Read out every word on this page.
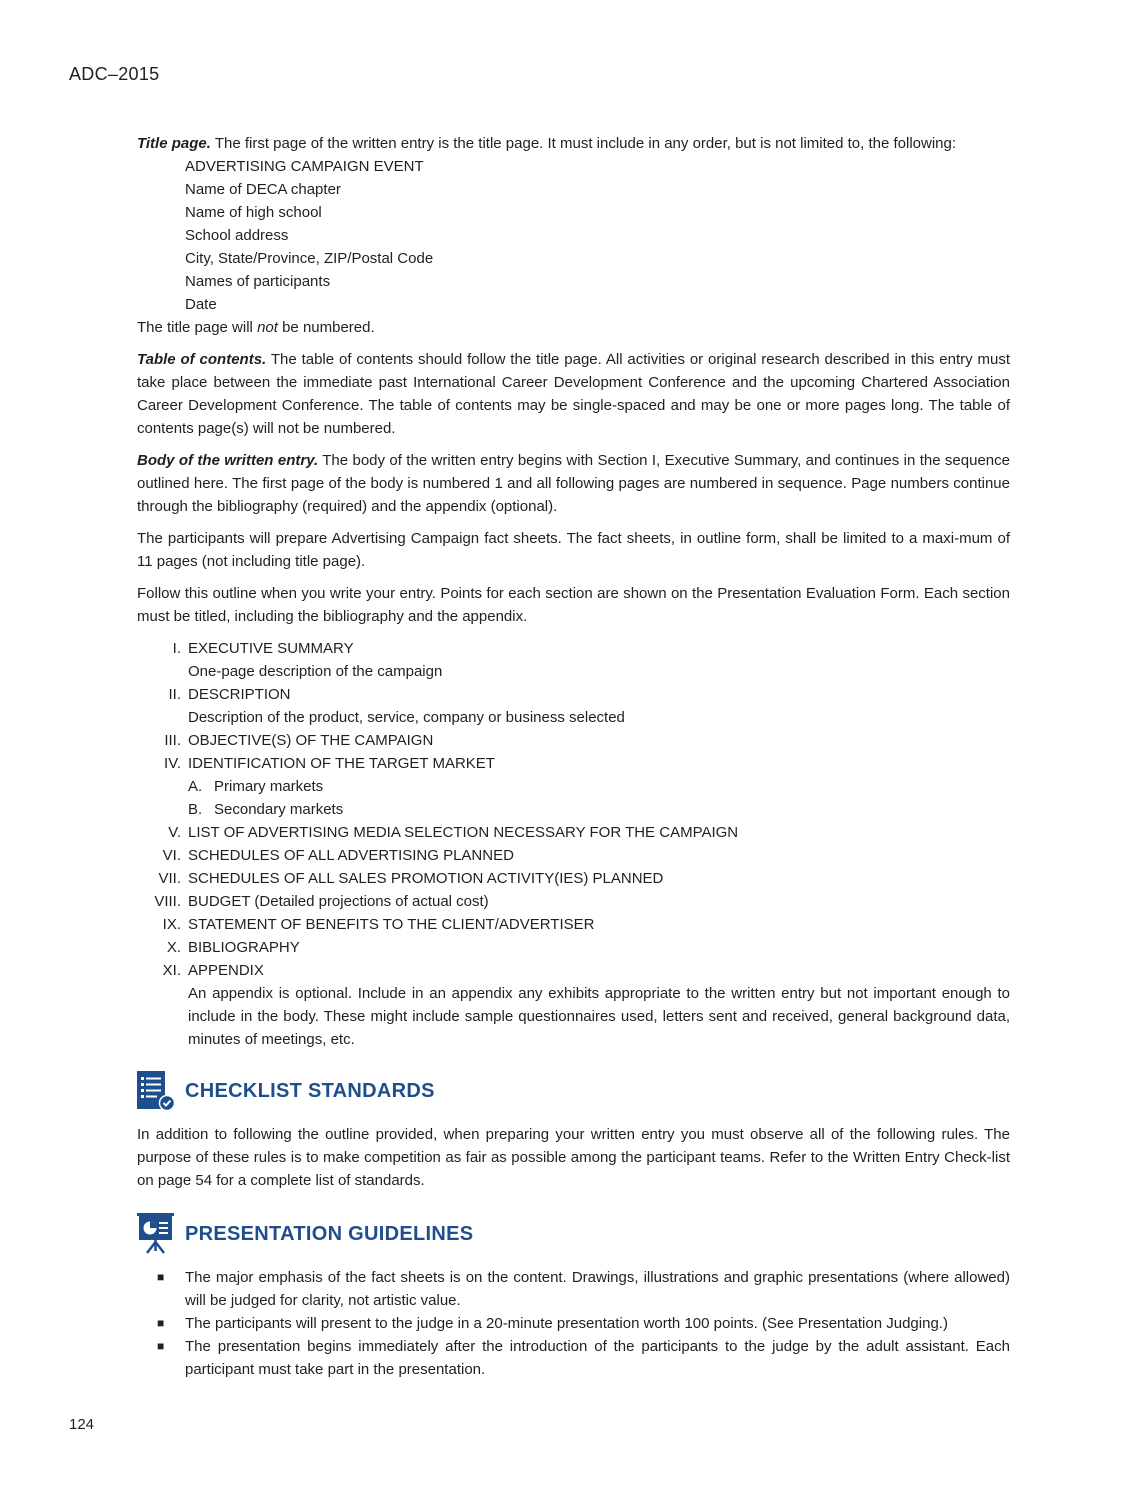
ADC–2015

Title page. The first page of the written entry is the title page. It must include in any order, but is not limited to, the following:

ADVERTISING CAMPAIGN EVENT
Name of DECA chapter
Name of high school
School address
City, State/Province, ZIP/Postal Code
Names of participants
Date

The title page will not be numbered.

Table of contents. The table of contents should follow the title page. All activities or original research described in this entry must take place between the immediate past International Career Development Conference and the upcoming Chartered Association Career Development Conference. The table of contents may be single-spaced and may be one or more pages long. The table of contents page(s) will not be numbered.

Body of the written entry. The body of the written entry begins with Section I, Executive Summary, and continues in the sequence outlined here. The first page of the body is numbered 1 and all following pages are numbered in sequence. Page numbers continue through the bibliography (required) and the appendix (optional).

The participants will prepare Advertising Campaign fact sheets. The fact sheets, in outline form, shall be limited to a maxi-mum of 11 pages (not including title page).

Follow this outline when you write your entry. Points for each section are shown on the Presentation Evaluation Form. Each section must be titled, including the bibliography and the appendix.

I. EXECUTIVE SUMMARY
One-page description of the campaign
II. DESCRIPTION
Description of the product, service, company or business selected
III. OBJECTIVE(S) OF THE CAMPAIGN
IV. IDENTIFICATION OF THE TARGET MARKET
A. Primary markets
B. Secondary markets
V. LIST OF ADVERTISING MEDIA SELECTION NECESSARY FOR THE CAMPAIGN
VI. SCHEDULES OF ALL ADVERTISING PLANNED
VII. SCHEDULES OF ALL SALES PROMOTION ACTIVITY(IES) PLANNED
VIII. BUDGET (Detailed projections of actual cost)
IX. STATEMENT OF BENEFITS TO THE CLIENT/ADVERTISER
X. BIBLIOGRAPHY
XI. APPENDIX
An appendix is optional. Include in an appendix any exhibits appropriate to the written entry but not important enough to include in the body. These might include sample questionnaires used, letters sent and received, general background data, minutes of meetings, etc.
CHECKLIST STANDARDS

In addition to following the outline provided, when preparing your written entry you must observe all of the following rules. The purpose of these rules is to make competition as fair as possible among the participant teams. Refer to the Written Entry Check-list on page 54 for a complete list of standards.

PRESENTATION GUIDELINES
■	The major emphasis of the fact sheets is on the content. Drawings, illustrations and graphic presentations (where allowed) will be judged for clarity, not artistic value.
■	The participants will present to the judge in a 20-minute presentation worth 100 points. (See Presentation Judging.)
■	The presentation begins immediately after the introduction of the participants to the judge by the adult assistant. Each participant must take part in the presentation.
124
